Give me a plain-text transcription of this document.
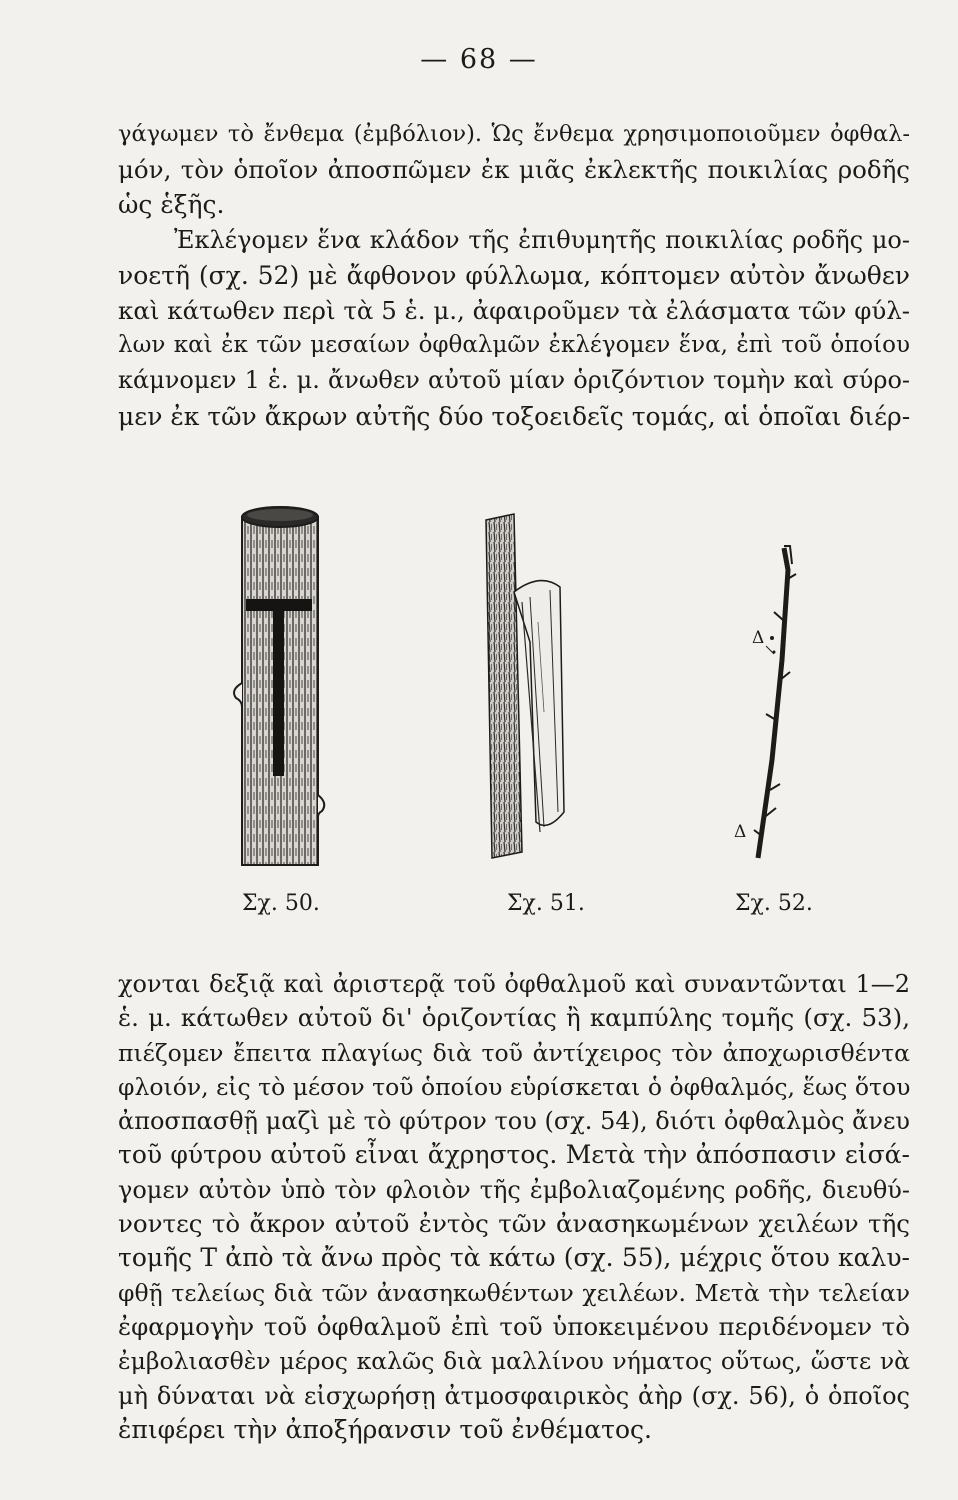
— 68 —
γάγωμεν τὸ ἔνθεμα (ἐμβόλιον). Ὡς ἔνθεμα χρησιμοποιοῦμεν ὀφθαλ-
μόν, τὸν ὁποῖον ἀποσπῶμεν ἐκ μιᾶς ἐκλεκτῆς ποικιλίας ροδῆς
ὡς ἑξῆς.
Ἐκλέγομεν ἕνα κλάδον τῆς ἐπιθυμητῆς ποικιλίας ροδῆς μο-
νοετῆ (σχ. 52) μὲ ἄφθονον φύλλωμα, κόπτομεν αὐτὸν ἄνωθεν
καὶ κάτωθεν περὶ τὰ 5 ἑ. μ., ἀφαιροῦμεν τὰ ἐλάσματα τῶν φύλ-
λων καὶ ἐκ τῶν μεσαίων ὀφθαλμῶν ἐκλέγομεν ἕνα, ἐπὶ τοῦ ὁποίου
κάμνομεν 1 ἑ. μ. ἄνωθεν αὐτοῦ μίαν ὁριζόντιον τομὴν καὶ σύρο-
μεν ἐκ τῶν ἄκρων αὐτῆς δύο τοξοειδεῖς τομάς, αἱ ὁποῖαι διέρ-
Σχ. 50.	Σχ. 51.
Δ
Δ
Σχ. 52.
χονται δεξιᾷ καὶ ἀριστερᾷ τοῦ ὀφθαλμοῦ καὶ συναντῶνται 1—2
ἑ. μ. κάτωθεν αὐτοῦ δι' ὁριζοντίας ἢ καμπύλης τομῆς (σχ. 53),
πιέζομεν ἔπειτα πλαγίως διὰ τοῦ ἀντίχειρος τὸν ἀποχωρισθέντα
φλοιόν, εἰς τὸ μέσον τοῦ ὁποίου εὑρίσκεται ὁ ὀφθαλμός, ἕως ὅτου
ἀποσπασθῇ μαζὶ μὲ τὸ φύτρον του (σχ. 54), διότι ὀφθαλμὸς ἄνευ
τοῦ φύτρου αὐτοῦ εἶναι ἄχρηστος. Μετὰ τὴν ἀπόσπασιν εἰσά-
γομεν αὐτὸν ὑπὸ τὸν φλοιὸν τῆς ἐμβολιαζομένης ροδῆς, διευθύ-
νοντες τὸ ἄκρον αὐτοῦ ἐντὸς τῶν ἀνασηκωμένων χειλέων τῆς
τομῆς Τ ἀπὸ τὰ ἄνω πρὸς τὰ κάτω (σχ. 55), μέχρις ὅτου καλυ-
φθῇ τελείως διὰ τῶν ἀνασηκωθέντων χειλέων. Μετὰ τὴν τελείαν
ἐφαρμογὴν τοῦ ὀφθαλμοῦ ἐπὶ τοῦ ὑποκειμένου περιδένομεν τὸ
ἐμβολιασθὲν μέρος καλῶς διὰ μαλλίνου νήματος οὕτως, ὥστε νὰ
μὴ δύναται νὰ εἰσχωρήσῃ ἀτμοσφαιρικὸς ἀὴρ (σχ. 56), ὁ ὁποῖος
ἐπιφέρει τὴν ἀποξήρανσιν τοῦ ἐνθέματος.
